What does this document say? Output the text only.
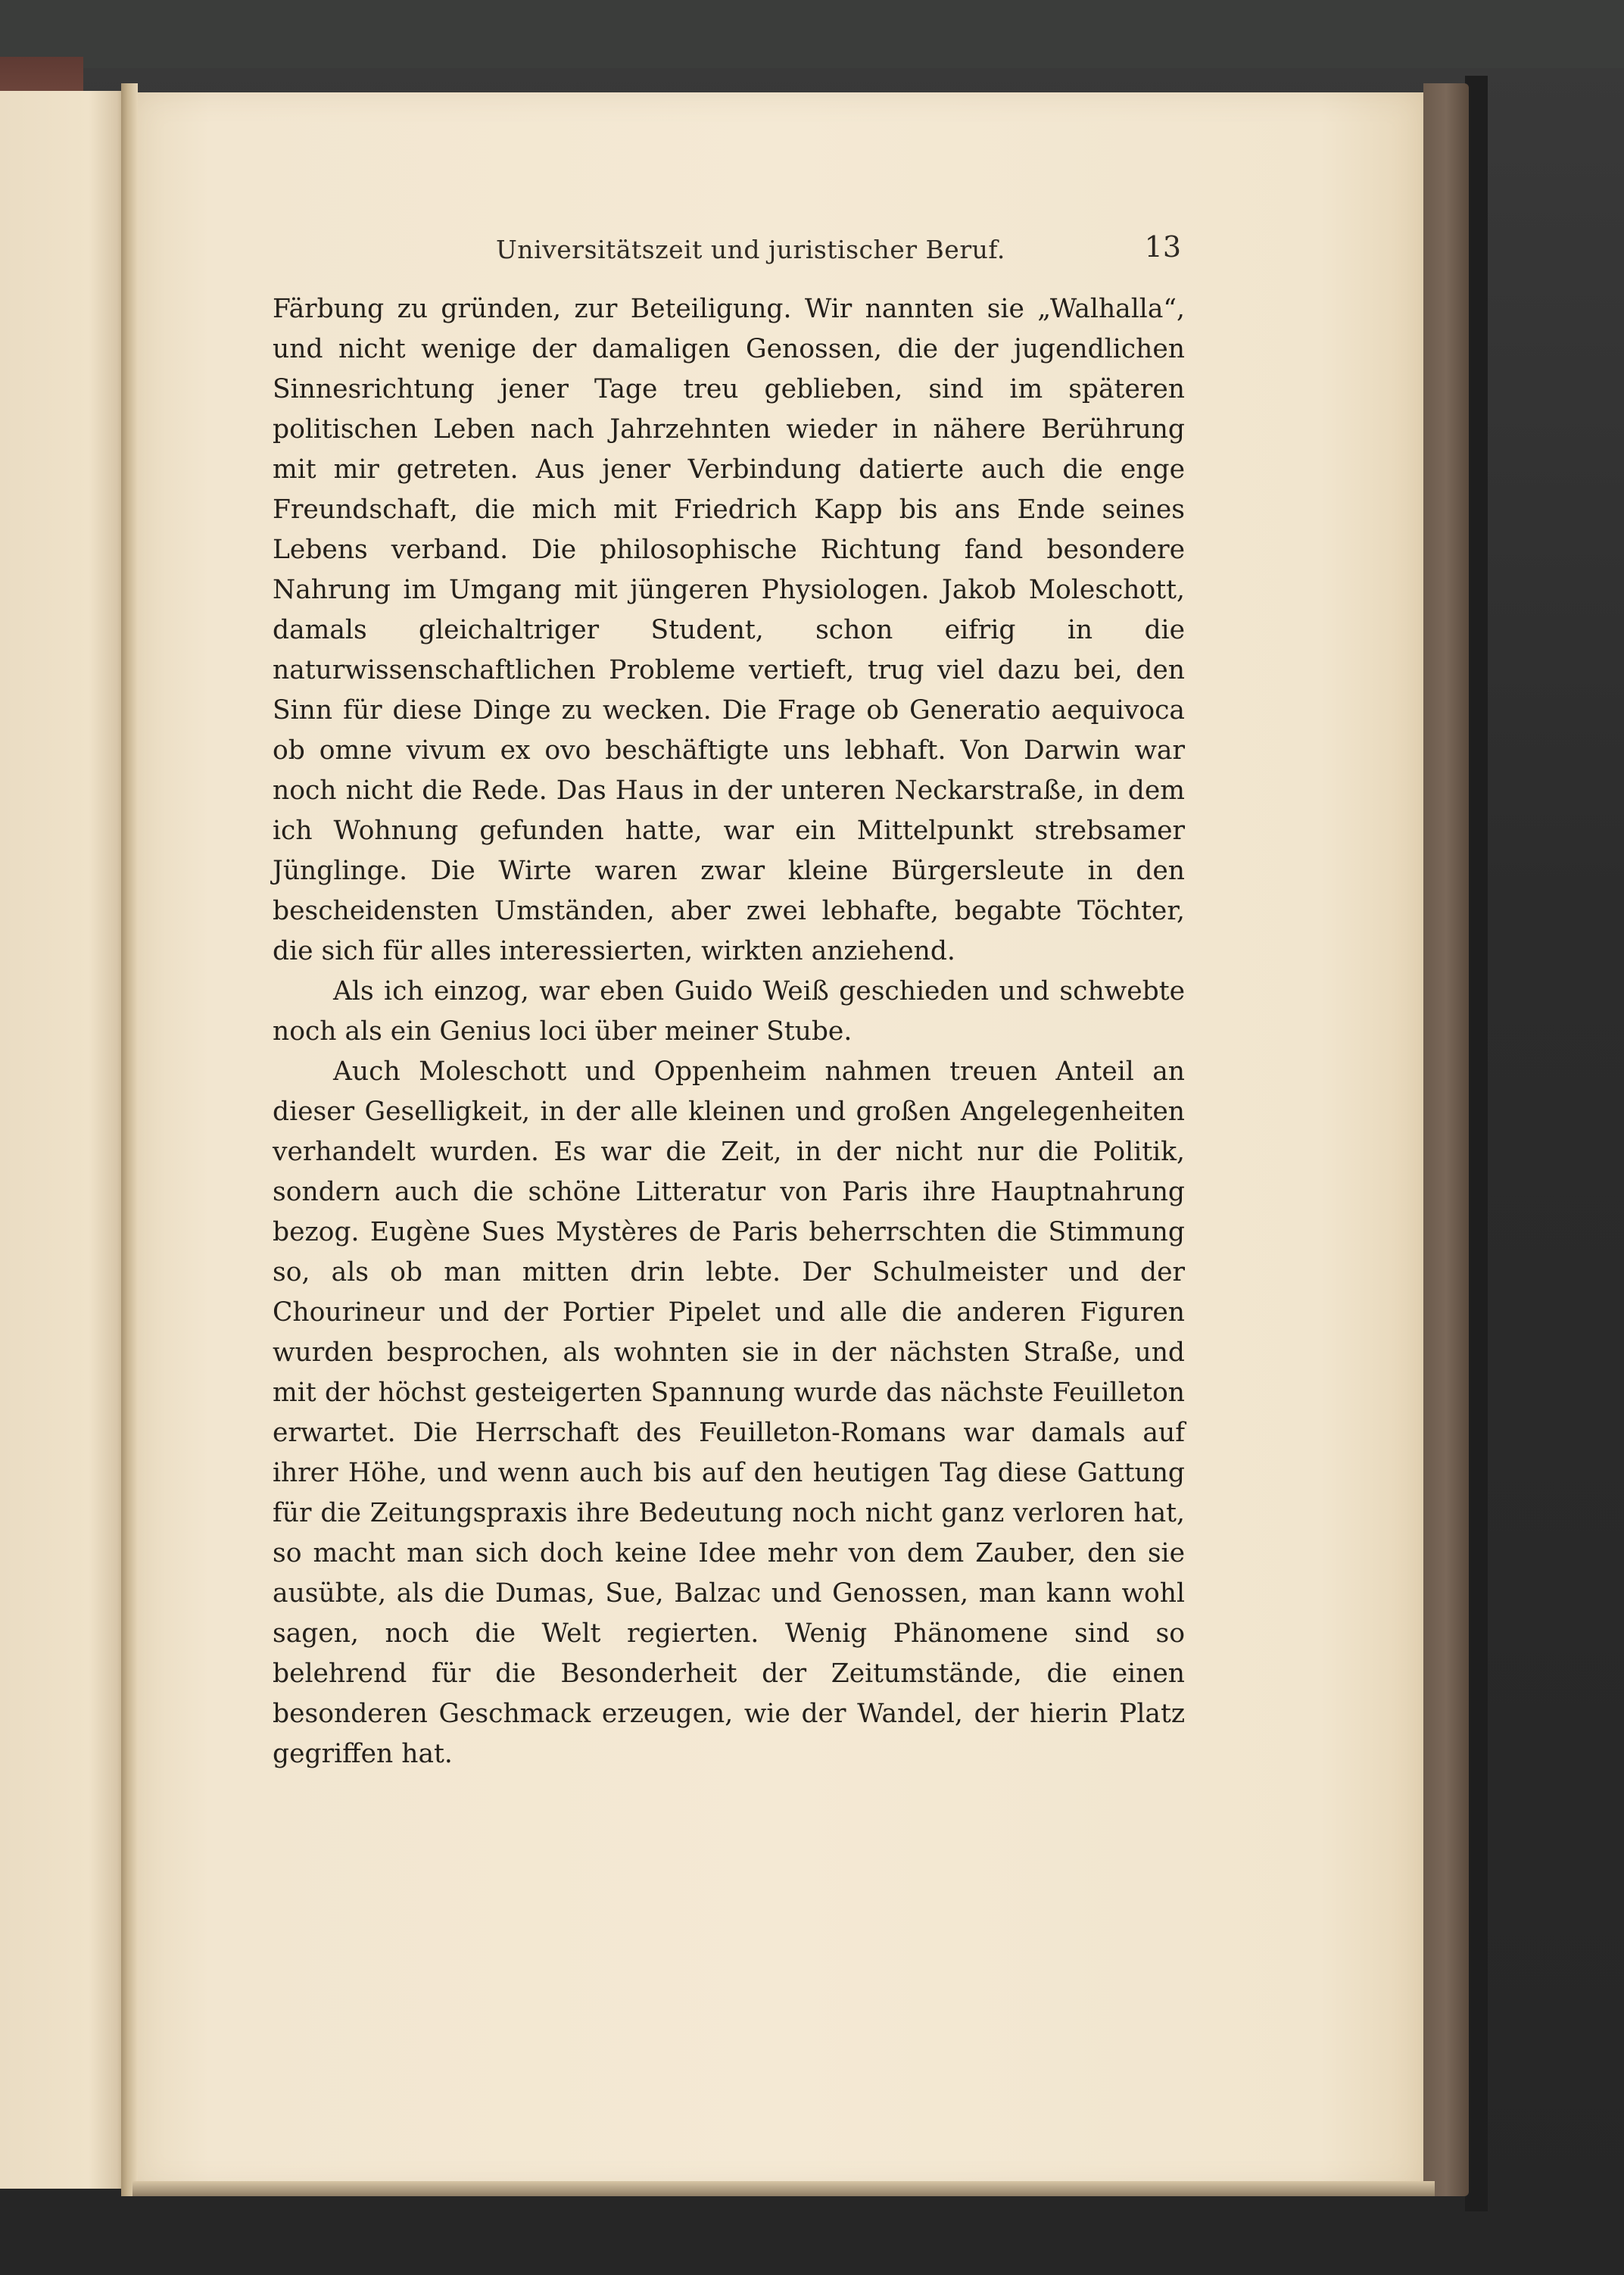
Universitätszeit und juristischer Beruf.	13

Färbung zu gründen, zur Beteiligung. Wir nannten sie „Walhalla“, und nicht wenige der damaligen Genossen, die der jugendlichen Sinnesrichtung jener Tage treu geblieben, sind im späteren politischen Leben nach Jahrzehnten wieder in nähere Berührung mit mir getreten. Aus jener Verbindung datierte auch die enge Freundschaft, die mich mit Friedrich Kapp bis ans Ende seines Lebens verband. Die philosophische Richtung fand besondere Nahrung im Umgang mit jüngeren Physiologen. Jakob Moleschott, damals gleichaltriger Student, schon eifrig in die naturwissenschaftlichen Probleme vertieft, trug viel dazu bei, den Sinn für diese Dinge zu wecken. Die Frage ob Generatio aequivoca ob omne vivum ex ovo beschäftigte uns lebhaft. Von Darwin war noch nicht die Rede. Das Haus in der unteren Neckarstraße, in dem ich Wohnung gefunden hatte, war ein Mittelpunkt strebsamer Jünglinge. Die Wirte waren zwar kleine Bürgersleute in den bescheidensten Umständen, aber zwei lebhafte, begabte Töchter, die sich für alles interessierten, wirkten anziehend.

Als ich einzog, war eben Guido Weiß geschieden und schwebte noch als ein Genius loci über meiner Stube.

Auch Moleschott und Oppenheim nahmen treuen Anteil an dieser Geselligkeit, in der alle kleinen und großen Angelegenheiten verhandelt wurden. Es war die Zeit, in der nicht nur die Politik, sondern auch die schöne Litteratur von Paris ihre Hauptnahrung bezog. Eugène Sues Mystères de Paris beherrschten die Stimmung so, als ob man mitten drin lebte. Der Schulmeister und der Chourineur und der Portier Pipelet und alle die anderen Figuren wurden besprochen, als wohnten sie in der nächsten Straße, und mit der höchst gesteigerten Spannung wurde das nächste Feuilleton erwartet. Die Herrschaft des Feuilleton-Romans war damals auf ihrer Höhe, und wenn auch bis auf den heutigen Tag diese Gattung für die Zeitungspraxis ihre Bedeutung noch nicht ganz verloren hat, so macht man sich doch keine Idee mehr von dem Zauber, den sie ausübte, als die Dumas, Sue, Balzac und Genossen, man kann wohl sagen, noch die Welt regierten. Wenig Phänomene sind so belehrend für die Besonderheit der Zeitumstände, die einen besonderen Geschmack erzeugen, wie der Wandel, der hierin Platz gegriffen hat.
